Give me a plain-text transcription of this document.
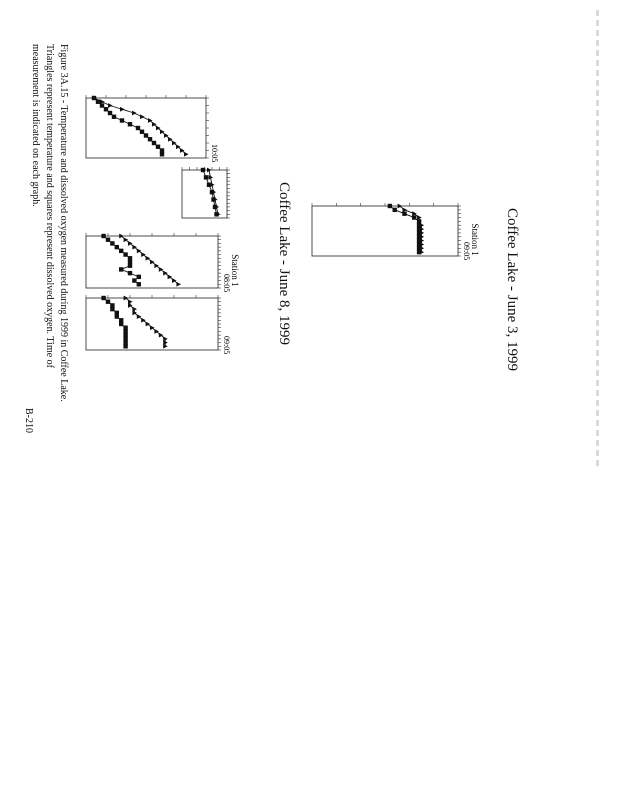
Coffee Lake - June 3, 1999
Coffee Lake - June 8, 1999
Figure 3A.15 - Temperature and dissolved oxygen measured during 1999 in Coffee Lake. Triangles represent temperature and squares represent dissolved oxygen. Time of measurement is indicated on each graph.
B-210
Station 1
09:05
10:05
Station 1
08:05
09:05
